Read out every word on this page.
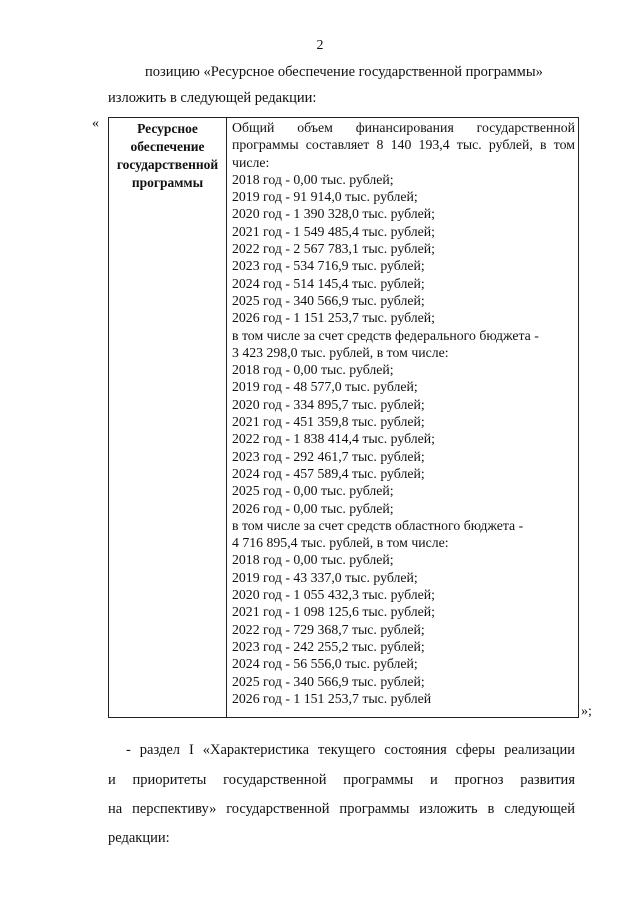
2
позицию «Ресурсное обеспечение государственной программы»
изложить в следующей редакции:
«	Ресурсное
обеспечение
государственной
программы

Общий объем финансирования государственной
программы составляет 8 140 193,4 тыс. рублей, в том
числе:
2018 год - 0,00 тыс. рублей;
2019 год - 91 914,0 тыс. рублей;
2020 год - 1 390 328,0 тыс. рублей;
2021 год - 1 549 485,4 тыс. рублей;
2022 год - 2 567 783,1 тыс. рублей;
2023 год - 534 716,9 тыс. рублей;
2024 год - 514 145,4 тыс. рублей;
2025 год - 340 566,9 тыс. рублей;
2026 год - 1 151 253,7 тыс. рублей;
в том числе за счет средств федерального бюджета -
3 423 298,0 тыс. рублей, в том числе:
2018 год - 0,00 тыс. рублей;
2019 год - 48 577,0 тыс. рублей;
2020 год - 334 895,7 тыс. рублей;
2021 год - 451 359,8 тыс. рублей;
2022 год - 1 838 414,4 тыс. рублей;
2023 год - 292 461,7 тыс. рублей;
2024 год - 457 589,4 тыс. рублей;
2025 год - 0,00 тыс. рублей;
2026 год - 0,00 тыс. рублей;
в том числе за счет средств областного бюджета -
4 716 895,4 тыс. рублей, в том числе:
2018 год - 0,00 тыс. рублей;
2019 год - 43 337,0 тыс. рублей;
2020 год - 1 055 432,3 тыс. рублей;
2021 год - 1 098 125,6 тыс. рублей;
2022 год - 729 368,7 тыс. рублей;
2023 год - 242 255,2 тыс. рублей;
2024 год - 56 556,0 тыс. рублей;
2025 год - 340 566,9 тыс. рублей;
2026 год - 1 151 253,7 тыс. рублей
»;
- раздел I «Характеристика текущего состояния сферы реализации
и приоритеты государственной программы и прогноз развития
на перспективу» государственной программы изложить в следующей
редакции:
